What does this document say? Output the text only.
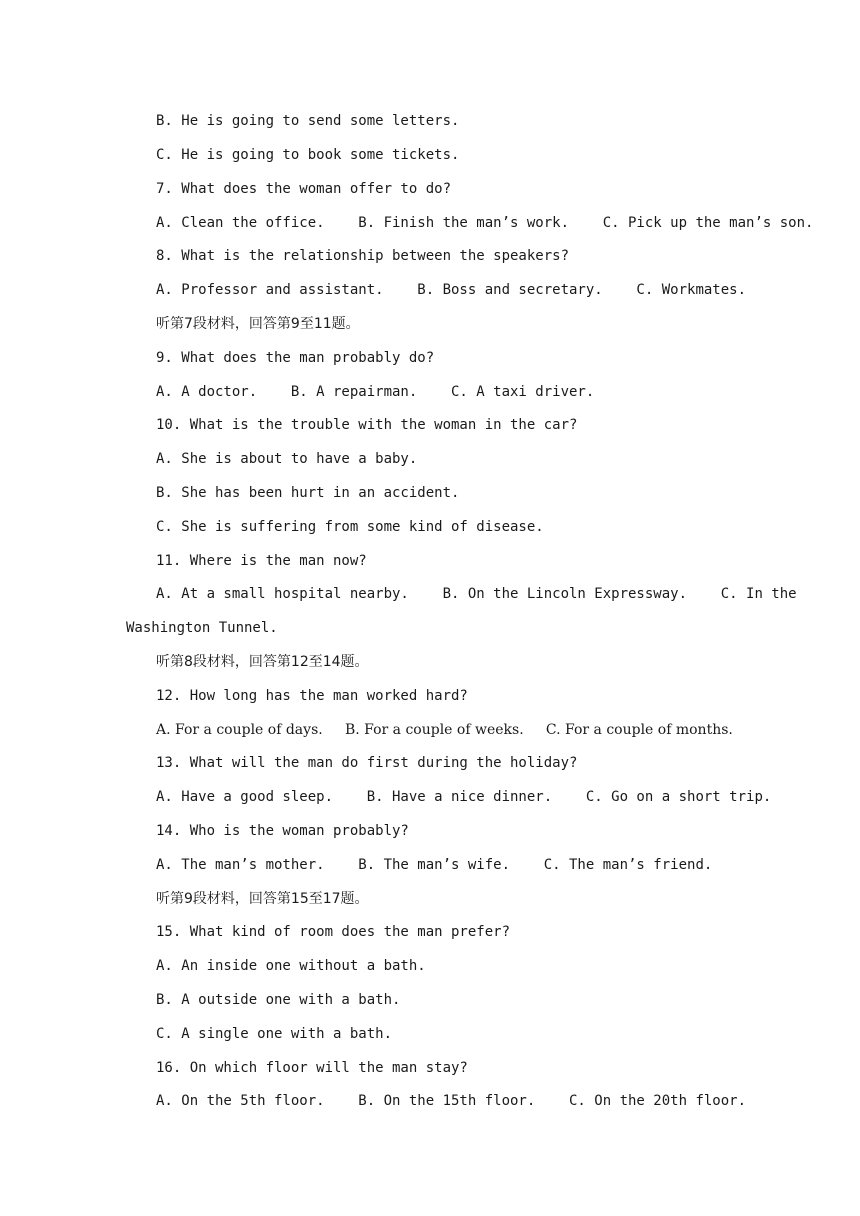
B. He is going to send some letters.
C. He is going to book some tickets.
7. What does the woman offer to do?
A. Clean the office.    B. Finish the man’s work.    C. Pick up the man’s son.
8. What is the relationship between the speakers?
A. Professor and assistant.    B. Boss and secretary.    C. Workmates.
听第7段材料，回答第9至11题。
9. What does the man probably do?
A. A doctor.    B. A repairman.    C. A taxi driver.
10. What is the trouble with the woman in the car?
A. She is about to have a baby.
B. She has been hurt in an accident.
C. She is suffering from some kind of disease.
11. Where is the man now?
A. At a small hospital nearby.    B. On the Lincoln Expressway.    C. In the
Washington Tunnel.
听第8段材料，回答第12至14题。
12. How long has the man worked hard?
A. For a couple of days.     B. For a couple of weeks.     C. For a couple of months.
13. What will the man do first during the holiday?
A. Have a good sleep.    B. Have a nice dinner.    C. Go on a short trip.
14. Who is the woman probably?
A. The man’s mother.    B. The man’s wife.    C. The man’s friend.
听第9段材料，回答第15至17题。
15. What kind of room does the man prefer?
A. An inside one without a bath.
B. A outside one with a bath.
C. A single one with a bath.
16. On which floor will the man stay?
A. On the 5th floor.    B. On the 15th floor.    C. On the 20th floor.
